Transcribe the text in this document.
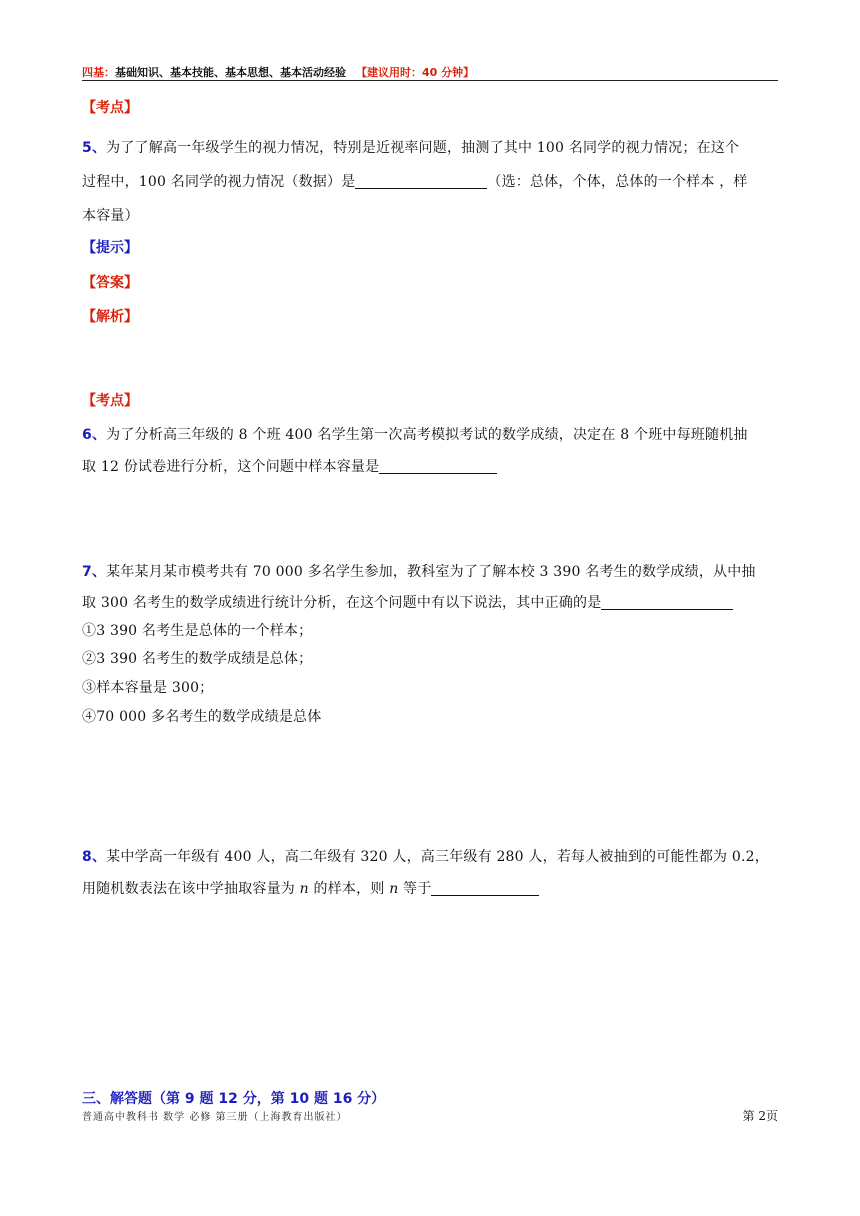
四基：基础知识、基本技能、基本思想、基本活动经验 【建议用时：40 分钟】
【考点】
5、为了了解高一年级学生的视力情况，特别是近视率问题，抽测了其中 100 名同学的视力情况；在这个
过程中，100 名同学的视力情况（数据）是	（选：总体，个体，总体的一个样本 ，样
本容量）
【提示】
【答案】
【解析】
【考点】
6、为了分析高三年级的 8 个班 400 名学生第一次高考模拟考试的数学成绩，决定在 8 个班中每班随机抽
取 12 份试卷进行分析，这个问题中样本容量是
7、某年某月某市模考共有 70 000 多名学生参加，教科室为了了解本校 3 390 名考生的数学成绩，从中抽
取 300 名考生的数学成绩进行统计分析，在这个问题中有以下说法，其中正确的是
①3 390 名考生是总体的一个样本；
②3 390 名考生的数学成绩是总体；
③样本容量是 300；
④70 000 多名考生的数学成绩是总体
8、某中学高一年级有 400 人，高二年级有 320 人，高三年级有 280 人，若每人被抽到的可能性都为 0.2，
用随机数表法在该中学抽取容量为 n 的样本，则 n 等于
三、解答题（第 9 题 12 分，第 10 题 16 分）
普通高中教科书 数学 必修 第三册（上海教育出版社）	第 2页
